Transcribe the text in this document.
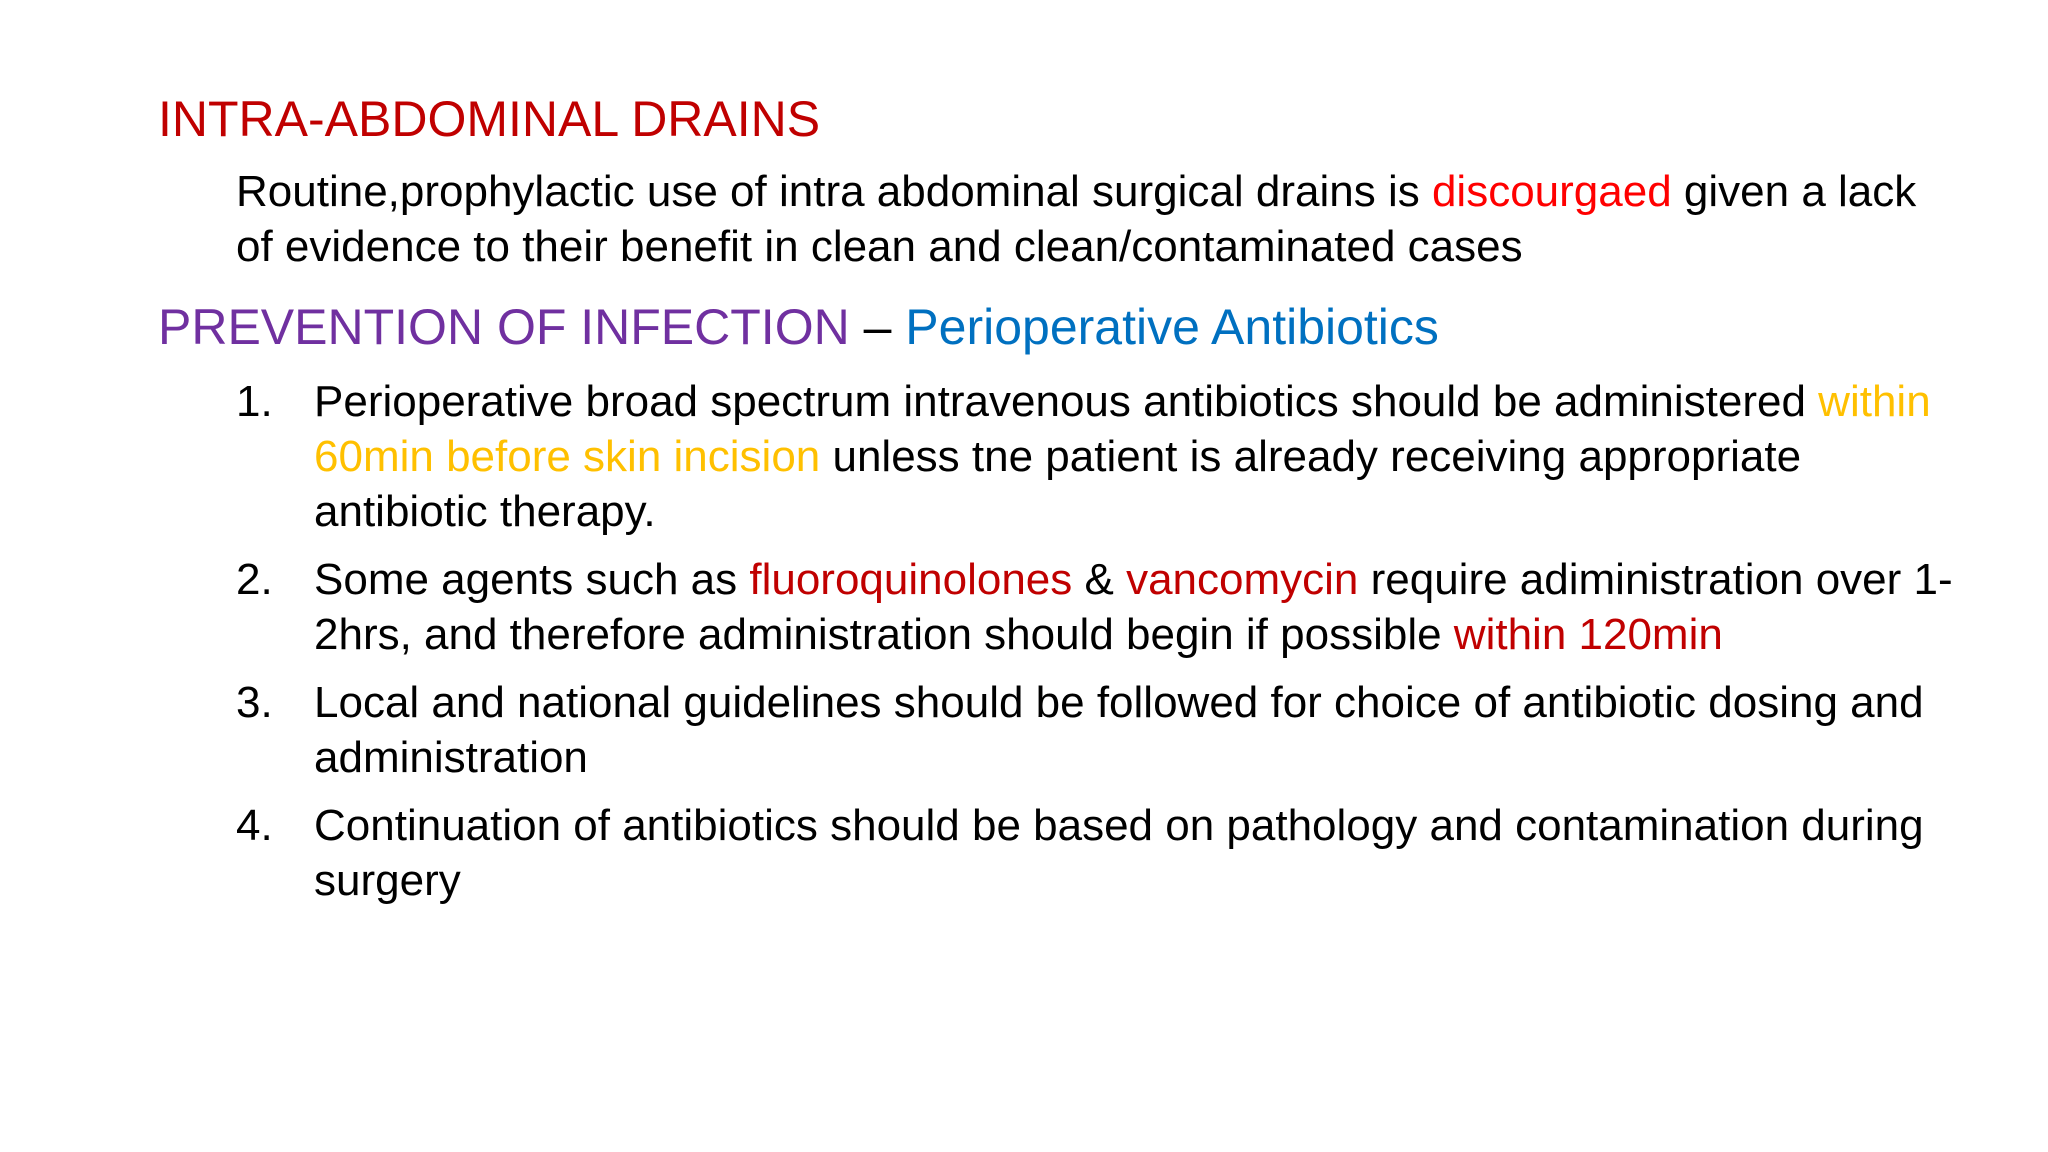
INTRA-ABDOMINAL DRAINS

Routine,prophylactic use of intra abdominal surgical drains is discourgaed given a lack of evidence to their benefit in clean and clean/contaminated cases

PREVENTION OF INFECTION – Perioperative Antibiotics
1. Perioperative broad spectrum intravenous antibiotics should be administered within 60min before skin incision unless tne patient is already receiving appropriate antibiotic therapy.
2. Some agents such as fluoroquinolones & vancomycin require adiministration over 1-2hrs, and therefore administration should begin if possible within 120min
3. Local and national guidelines should be followed for choice of antibiotic dosing and administration
4. Continuation of antibiotics should be based on pathology and contamination during surgery
